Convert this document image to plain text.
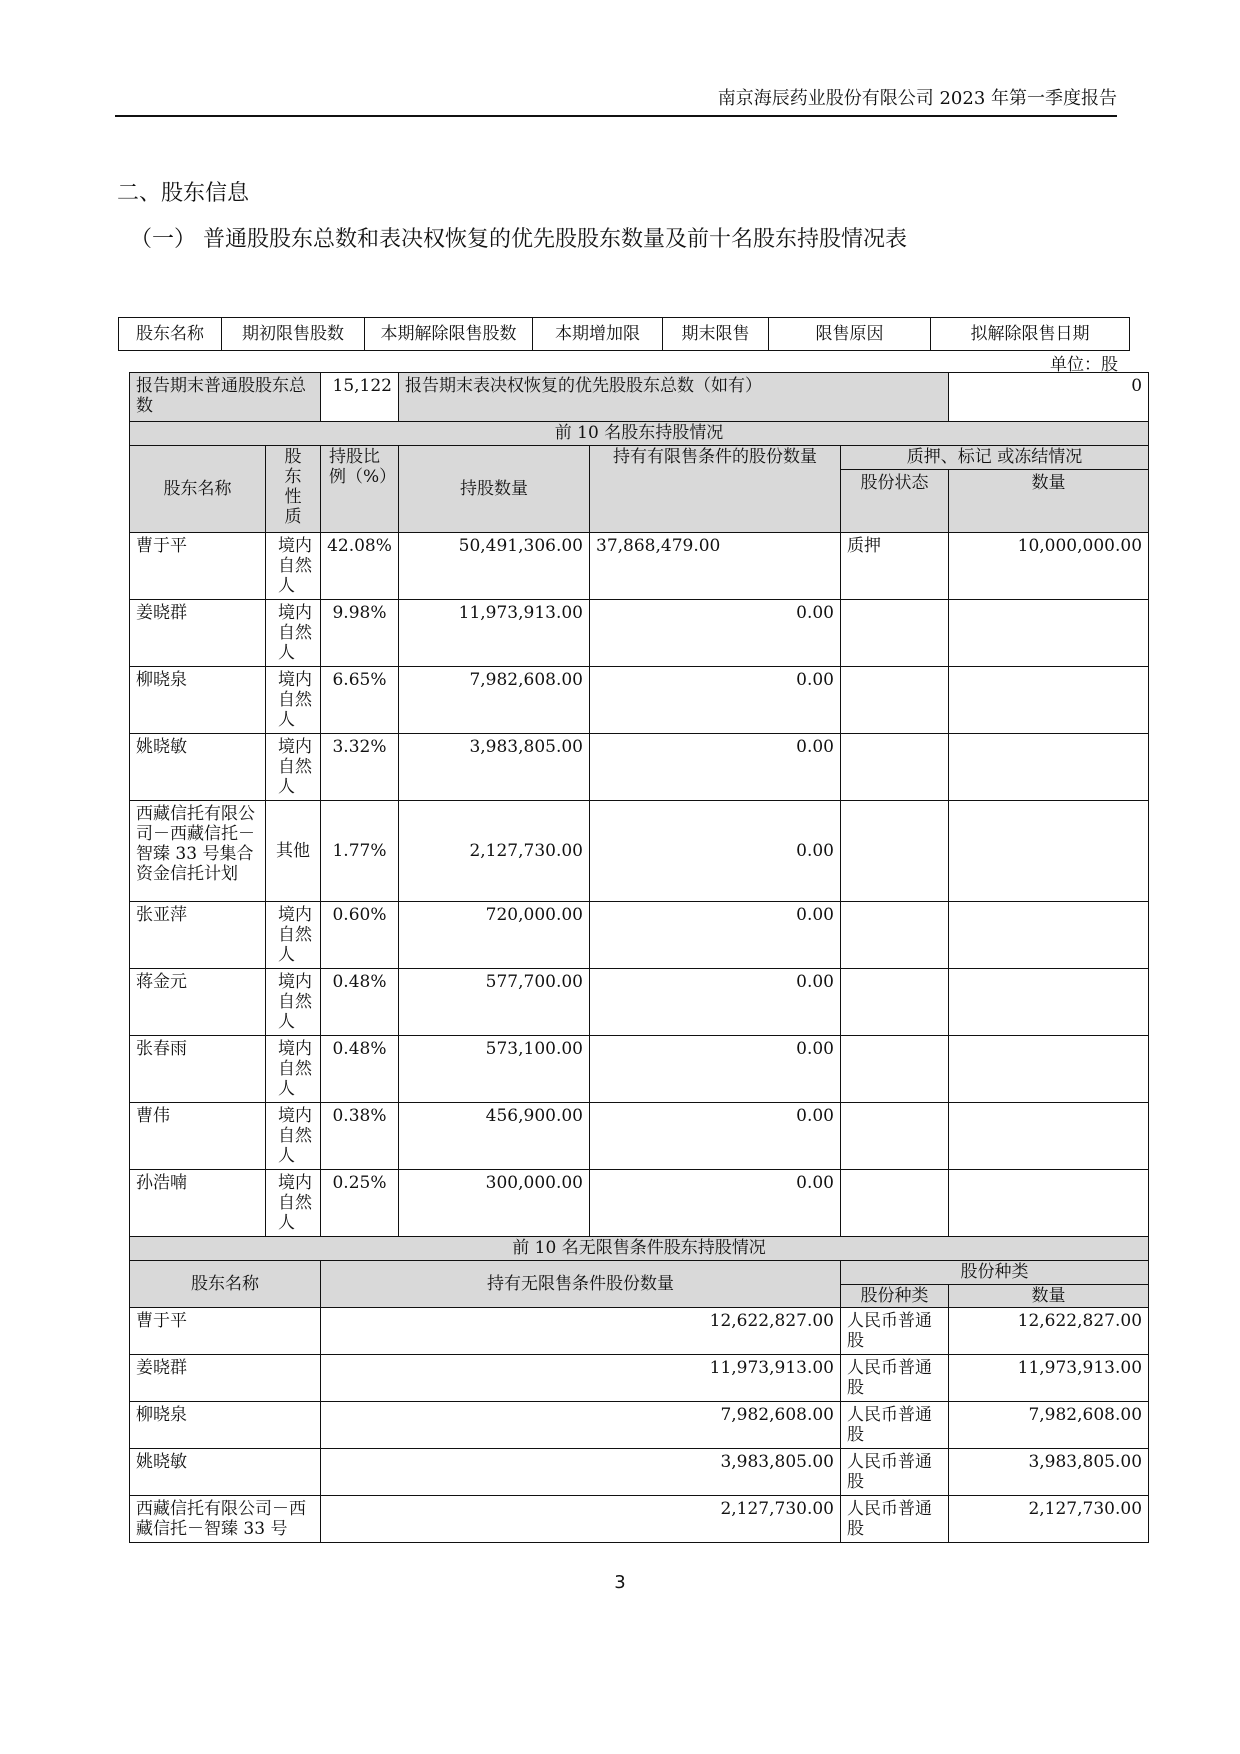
南京海辰药业股份有限公司 2023 年第一季度报告
二、股东信息
（一） 普通股股东总数和表决权恢复的优先股股东数量及前十名股东持股情况表
股东名称	期初限售股数	本期解除限售股数	本期增加限	期末限售	限售原因	拟解除限售日期
单位：股
报告期末普通股股东总数		15,122	报告期末表决权恢复的优先股股东总数（如有）			0
前 10 名股东持股情况						
股东名称	股东性质	持股比例（%）	持股数量	持有有限售条件的股份数量	质押、标记 或冻结情况	
					股份状态	数量
曹于平	境内自然人	42.08%	50,491,306.00	37,868,479.00	质押	10,000,000.00
姜晓群	境内自然人	9.98%	11,973,913.00	0.00		
柳晓泉	境内自然人	6.65%	7,982,608.00	0.00		
姚晓敏	境内自然人	3.32%	3,983,805.00	0.00		
西藏信托有限公司－西藏信托－智臻 33 号集合资金信托计划	其他	1.77%	2,127,730.00	0.00		
张亚萍	境内自然人	0.60%	720,000.00	0.00		
蒋金元	境内自然人	0.48%	577,700.00	0.00		
张春雨	境内自然人	0.48%	573,100.00	0.00		
曹伟	境内自然人	0.38%	456,900.00	0.00		
孙浩喃	境内自然人	0.25%	300,000.00	0.00		
前 10 名无限售条件股东持股情况						
股东名称		持有无限售条件股份数量			股份种类	
					股份种类	数量
曹于平		12,622,827.00			人民币普通股	12,622,827.00
姜晓群		11,973,913.00			人民币普通股	11,973,913.00
柳晓泉		7,982,608.00			人民币普通股	7,982,608.00
姚晓敏		3,983,805.00			人民币普通股	3,983,805.00
西藏信托有限公司－西藏信托－智臻 33 号		2,127,730.00			人民币普通股	2,127,730.00
3
